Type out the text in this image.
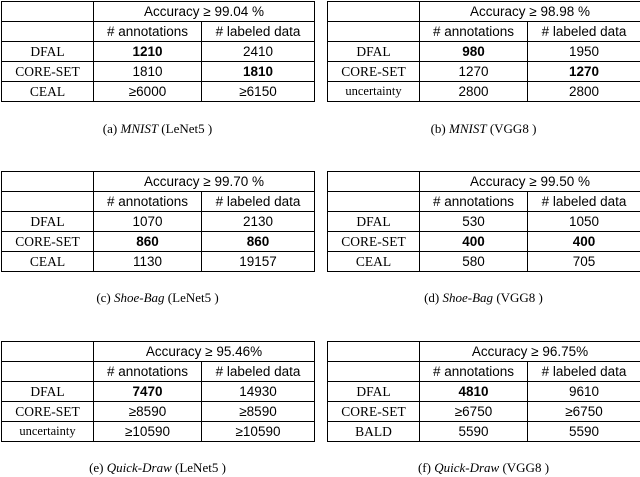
	Accuracy ≥ 99.04 %	
	# annotations	# labeled data
DFAL	1210	2410
CORE-SET	1810	1810
CEAL	≥6000	≥6150
(a) MNIST (LeNet5 )
	Accuracy ≥ 98.98 %	
	# annotations	# labeled data
DFAL	980	1950
CORE-SET	1270	1270
uncertainty	2800	2800
(b) MNIST (VGG8 )
	Accuracy ≥ 99.70 %	
	# annotations	# labeled data
DFAL	1070	2130
CORE-SET	860	860
CEAL	1130	19157
(c) Shoe-Bag (LeNet5 )
	Accuracy ≥ 99.50 %	
	# annotations	# labeled data
DFAL	530	1050
CORE-SET	400	400
CEAL	580	705
(d) Shoe-Bag (VGG8 )
	Accuracy ≥ 95.46%	
	# annotations	# labeled data
DFAL	7470	14930
CORE-SET	≥8590	≥8590
uncertainty	≥10590	≥10590
(e) Quick-Draw (LeNet5 )
	Accuracy ≥ 96.75%	
	# annotations	# labeled data
DFAL	4810	9610
CORE-SET	≥6750	≥6750
BALD	5590	5590
(f) Quick-Draw (VGG8 )
